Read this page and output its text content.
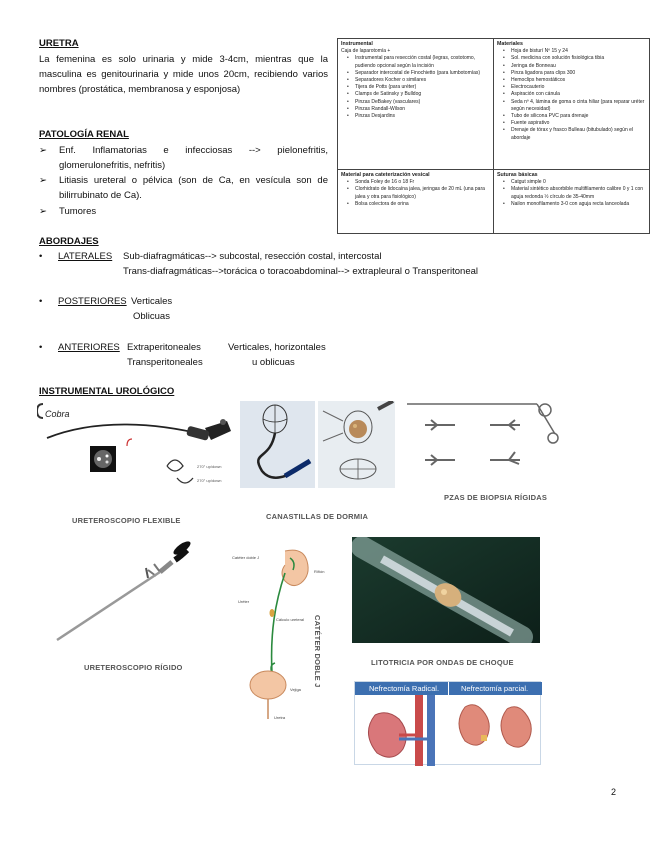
URETRA
La femenina es solo urinaria y mide 3-4cm, mientras que la
masculina es genitourinaria y mide unos 20cm, recibiendo varios
nombres (prostática, membranosa y esponjosa)
PATOLOGÍA RENAL
➢ Enf. Inflamatorias e infecciosas --> pielonefritis,
glomerulonefritis, nefritis)
➢ Litiasis ureteral o pélvica (son de Ca, en vesícula son de
bilirrubinato de Ca).
➢ Tumores
Instrumental
Caja de laparotomía +
• Instrumental para resección costal (legras, costotomo, pudiendo opcional según la incisión
• Separador intercostal de Finochietto (para lumbotomías)
• Separadores Kocher o similares
• Tijera de Potts (para uréter)
• Clamps de Satinsky y Bulldog
• Pinzas DeBakey (vasculares)
• Pinzas Randall-Wilson
• Pinzas Desjardins
Materiales
• Hoja de bisturí Nº 15 y 24
• Sol. medicina con solución fisiológica tibia
• Jeringa de Bonneau
• Pinza ligadora para clips 300
• Hemoclips hemostáticos
• Electrocauterio
• Aspiración con cánula
• Seda nº 4, lámina de goma o cinta hiliar (para reparar uréter según necesidad)
• Tubo de silicona PVC para drenaje
• Fuente aspirativo
• Drenaje de tórax y frasco Bulleau (bitubulado) según el abordaje
Material para cateterización vesical
• Sonda Foley de 16 o 18 Fr
• Clorhidrato de lidocaína jalea, jeringas de 20 mL (una para jalea y otra para fisiológico)
• Bolsa colectora de orina
Suturas básicas
• Catgut simple 0
• Material sintético absorbible multifilamento calibre 0 y 1 con aguja redonda ½ círculo de 35-40mm
• Nailon monofilamento 3-0 con aguja recta lanceolada
ABORDAJES
• LATERALES Sub-diafragmáticas--> subcostal, resección costal, intercostal
Trans-diafragmáticas-->torácica o toracoabdominal--> extrapleural o Transperitoneal
• POSTERIORES Verticales
Oblicuas
• ANTERIORES Extraperitoneales	Verticales, horizontales
Transperitoneales	u oblicuas
INSTRUMENTAL UROLÓGICO
Cobra
270° up/down
270° up/down
URETEROSCOPIO FLEXIBLE	CANASTILLAS DE DORMIA
PZAS DE BIOPSIA RÍGIDAS
URETEROSCOPIO RÍGIDO
Catéter doble J
Riñón
Uréter
Cálculo ureteral
Vejiga
Uretra
CATÉTER DOBLE J	LITOTRICIA POR ONDAS DE CHOQUE
Nefrectomía Radical.	Nefrectomía parcial.
2
